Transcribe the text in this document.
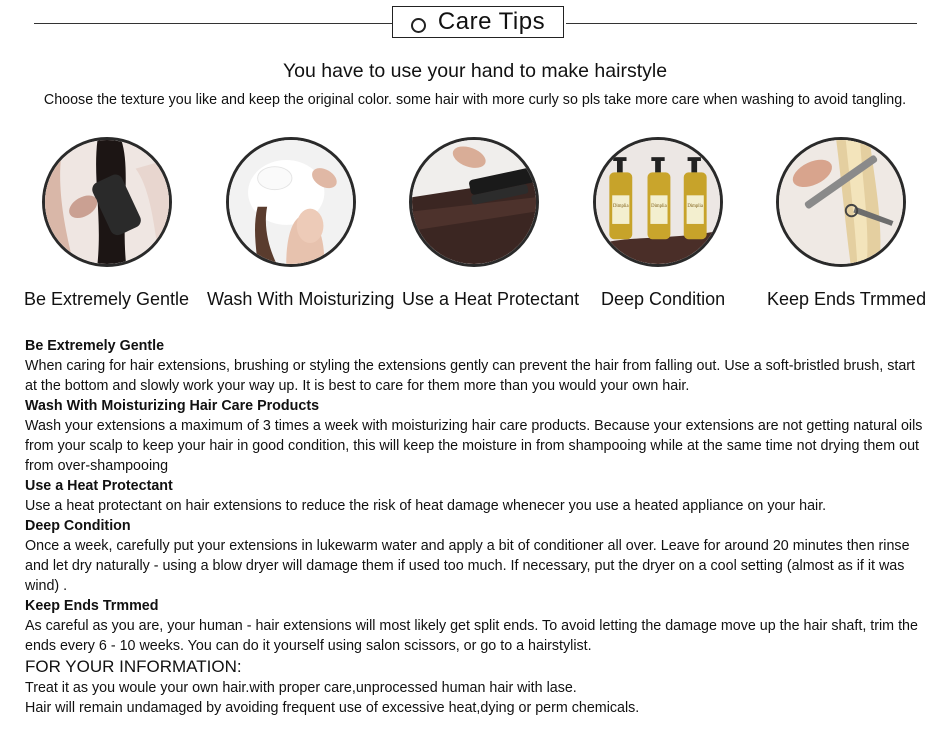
Care Tips
You have to use your hand to make hairstyle
Choose the texture you like and keep the original color. some hair with more curly so pls take more care when washing to avoid tangling.
Dimplia	Dimplia	Dimplia
Be Extremely Gentle Wash With Moisturizing Use a Heat Protectant Deep Condition Keep Ends Trmmed

Be Extremely Gentle

When caring for hair extensions, brushing or styling the extensions gently can prevent the hair from falling out. Use a soft-bristled brush, start at the bottom and slowly work your way up. It is best to care for them more than you would your own hair.

Wash With Moisturizing Hair Care Products

Wash your extensions a maximum of 3 times a week with moisturizing hair care products. Because your extensions are not getting natural oils from your scalp to keep your hair in good condition, this will keep the moisture in from shampooing while at the same time not drying them out from over-shampooing

Use a Heat Protectant

Use a heat protectant on hair extensions to reduce the risk of heat damage whenecer you use a heated appliance on your hair.

Deep Condition

Once a week, carefully put your extensions in lukewarm water and apply a bit of conditioner all over. Leave for around 20 minutes then rinse and let dry naturally - using a blow dryer will damage them if used too much. If necessary, put the dryer on a cool setting (almost as if it was wind) .

Keep Ends Trmmed

As careful as you are, your human - hair extensions will most likely get split ends. To avoid letting the damage move up the hair shaft, trim the ends every 6 - 10 weeks. You can do it yourself using salon scissors, or go to a hairstylist.

FOR YOUR INFORMATION:

Treat it as you woule your own hair.with proper care,unprocessed human hair with lase.

Hair will remain undamaged by avoiding frequent use of excessive heat,dying or perm chemicals.
